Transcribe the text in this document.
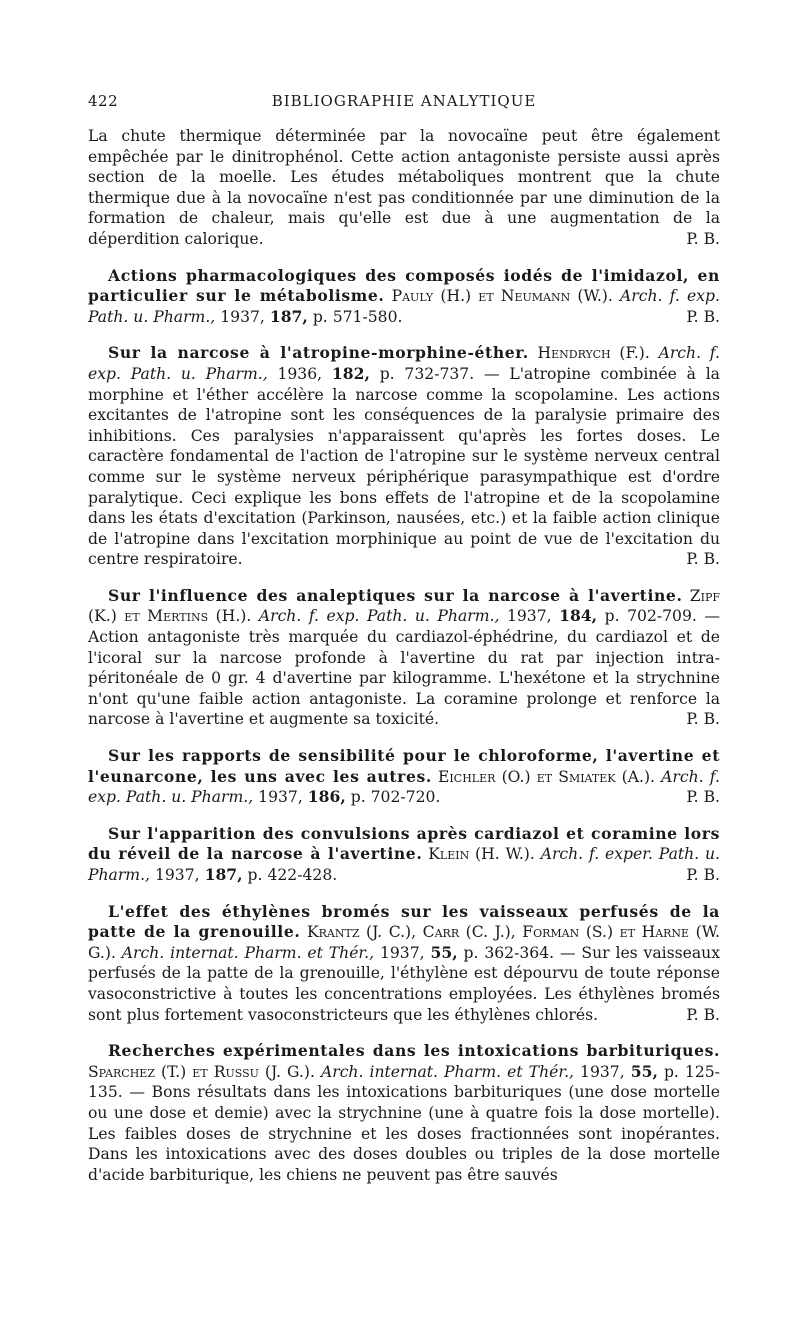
422	BIBLIOGRAPHIE ANALYTIQUE

La chute thermique déterminée par la novocaïne peut être également empêchée par le dinitrophénol. Cette action antagoniste persiste aussi après section de la moelle. Les études métaboliques montrent que la chute thermique due à la novocaïne n'est pas conditionnée par une diminution de la formation de chaleur, mais qu'elle est due à une augmentation de la déperdition calorique.	P. B.

Actions pharmacologiques des composés iodés de l'imidazol, en particulier sur le métabolisme. Pauly (H.) et Neumann (W.). Arch. f. exp. Path. u. Pharm., 1937, 187, p. 571-580.	P. B.

Sur la narcose à l'atropine-morphine-éther. Hendrych (F.). Arch. f. exp. Path. u. Pharm., 1936, 182, p. 732-737. — L'atropine combinée à la morphine et l'éther accélère la narcose comme la scopolamine. Les actions excitantes de l'atropine sont les conséquences de la paralysie primaire des inhibitions. Ces paralysies n'apparaissent qu'après les fortes doses. Le caractère fondamental de l'action de l'atropine sur le système nerveux central comme sur le système nerveux périphérique parasympathique est d'ordre paralytique. Ceci explique les bons effets de l'atropine et de la scopolamine dans les états d'excitation (Parkinson, nausées, etc.) et la faible action clinique de l'atropine dans l'excitation morphinique au point de vue de l'excitation du centre respiratoire.	P. B.

Sur l'influence des analeptiques sur la narcose à l'avertine. Zipf (K.) et Mertins (H.). Arch. f. exp. Path. u. Pharm., 1937, 184, p. 702-709. — Action antagoniste très marquée du cardiazol-éphédrine, du cardiazol et de l'icoral sur la narcose profonde à l'avertine du rat par injection intra-péritonéale de 0 gr. 4 d'avertine par kilogramme. L'hexétone et la strychnine n'ont qu'une faible action antagoniste. La coramine prolonge et renforce la narcose à l'avertine et augmente sa toxicité.	P. B.

Sur les rapports de sensibilité pour le chloroforme, l'avertine et l'eunarcone, les uns avec les autres. Eichler (O.) et Smiatek (A.). Arch. f. exp. Path. u. Pharm., 1937, 186, p. 702-720.	P. B.

Sur l'apparition des convulsions après cardiazol et coramine lors du réveil de la narcose à l'avertine. Klein (H. W.). Arch. f. exper. Path. u. Pharm., 1937, 187, p. 422-428.	P. B.

L'effet des éthylènes bromés sur les vaisseaux perfusés de la patte de la grenouille. Krantz (J. C.), Carr (C. J.), Forman (S.) et Harne (W. G.). Arch. internat. Pharm. et Thér., 1937, 55, p. 362-364. — Sur les vaisseaux perfusés de la patte de la grenouille, l'éthylène est dépourvu de toute réponse vasoconstrictive à toutes les concentrations employées. Les éthylènes bromés sont plus fortement vasoconstricteurs que les éthylènes chlorés.	P. B.

Recherches expérimentales dans les intoxications barbituriques. Sparchez (T.) et Russu (J. G.). Arch. internat. Pharm. et Thér., 1937, 55, p. 125-135. — Bons résultats dans les intoxications barbituriques (une dose mortelle ou une dose et demie) avec la strychnine (une à quatre fois la dose mortelle). Les faibles doses de strychnine et les doses fractionnées sont inopérantes. Dans les intoxications avec des doses doubles ou triples de la dose mortelle d'acide barbiturique, les chiens ne peuvent pas être sauvés
